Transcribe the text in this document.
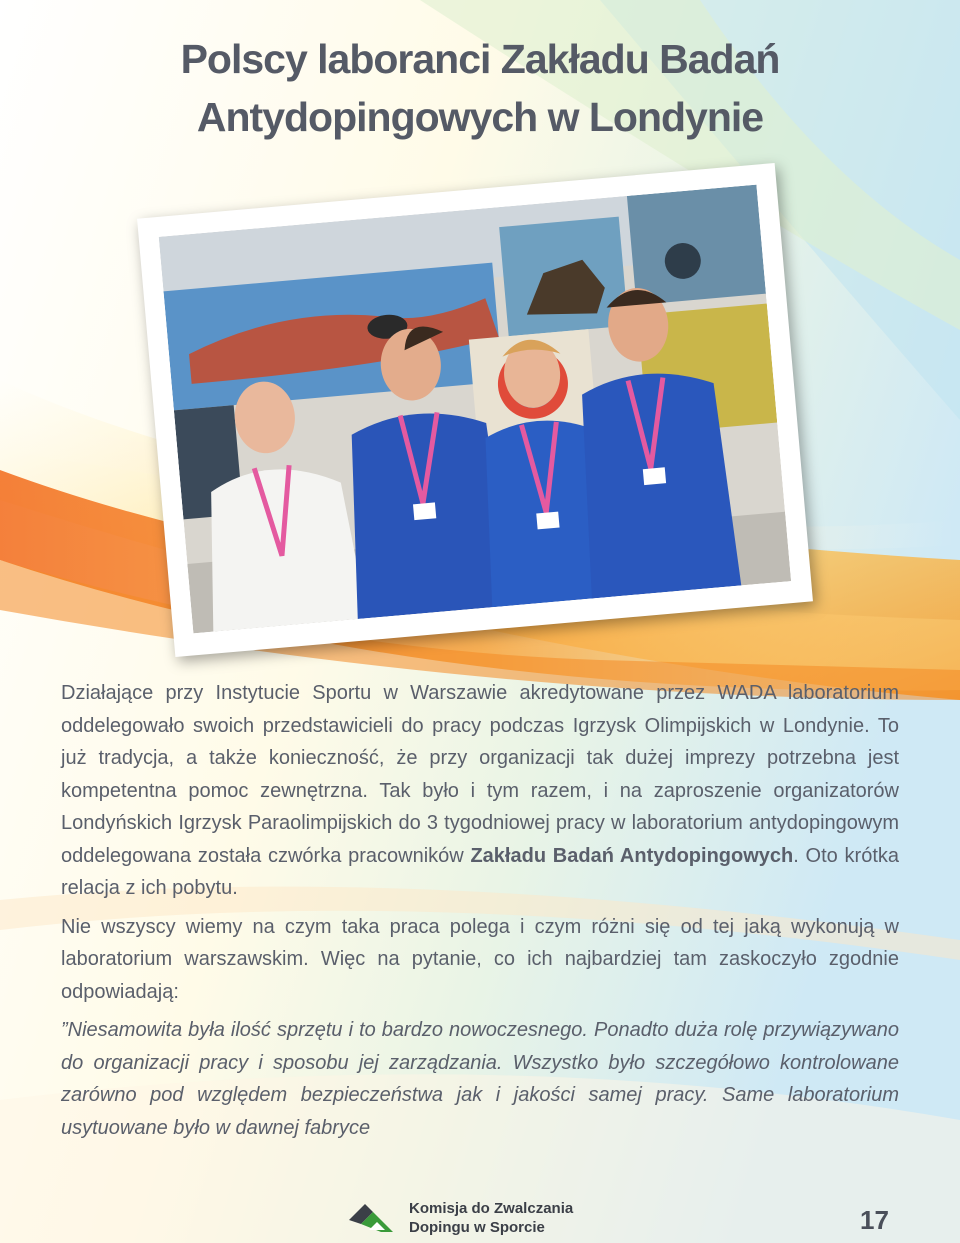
Polscy laboranci Zakładu Badań
Antydopingowych w Londynie

Działające przy Instytucie Sportu w Warszawie akredytowane przez WADA laboratorium oddelegowało swoich przedstawicieli do pracy podczas Igrzysk Olimpijskich w Londynie. To już tradycja, a także konieczność, że przy organizacji tak dużej imprezy potrzebna jest kompetentna pomoc zewnętrzna. Tak było i tym razem, i na zaproszenie organizatorów Londyńskich Igrzysk Paraolimpijskich do 3 tygodniowej pracy w laboratorium antydopingowym oddelegowana została czwórka pracowników Zakładu Badań Antydopingowych. Oto krótka relacja z ich pobytu.

Nie wszyscy wiemy na czym taka praca polega i czym różni się od tej jaką wykonują w laboratorium warszawskim. Więc na pytanie, co ich najbardziej tam zaskoczyło zgodnie odpowiadają:

”Niesamowita była ilość sprzętu i to bardzo nowoczesnego. Ponadto duża rolę przywiązywano do organizacji pracy i sposobu jej zarządzania. Wszystko było szczegółowo kontrolowane zarówno pod względem bezpieczeństwa jak i jakości samej pracy. Same laboratorium usytuowane było w dawnej fabryce

Komisja do Zwalczania
Dopingu w Sporcie	17
